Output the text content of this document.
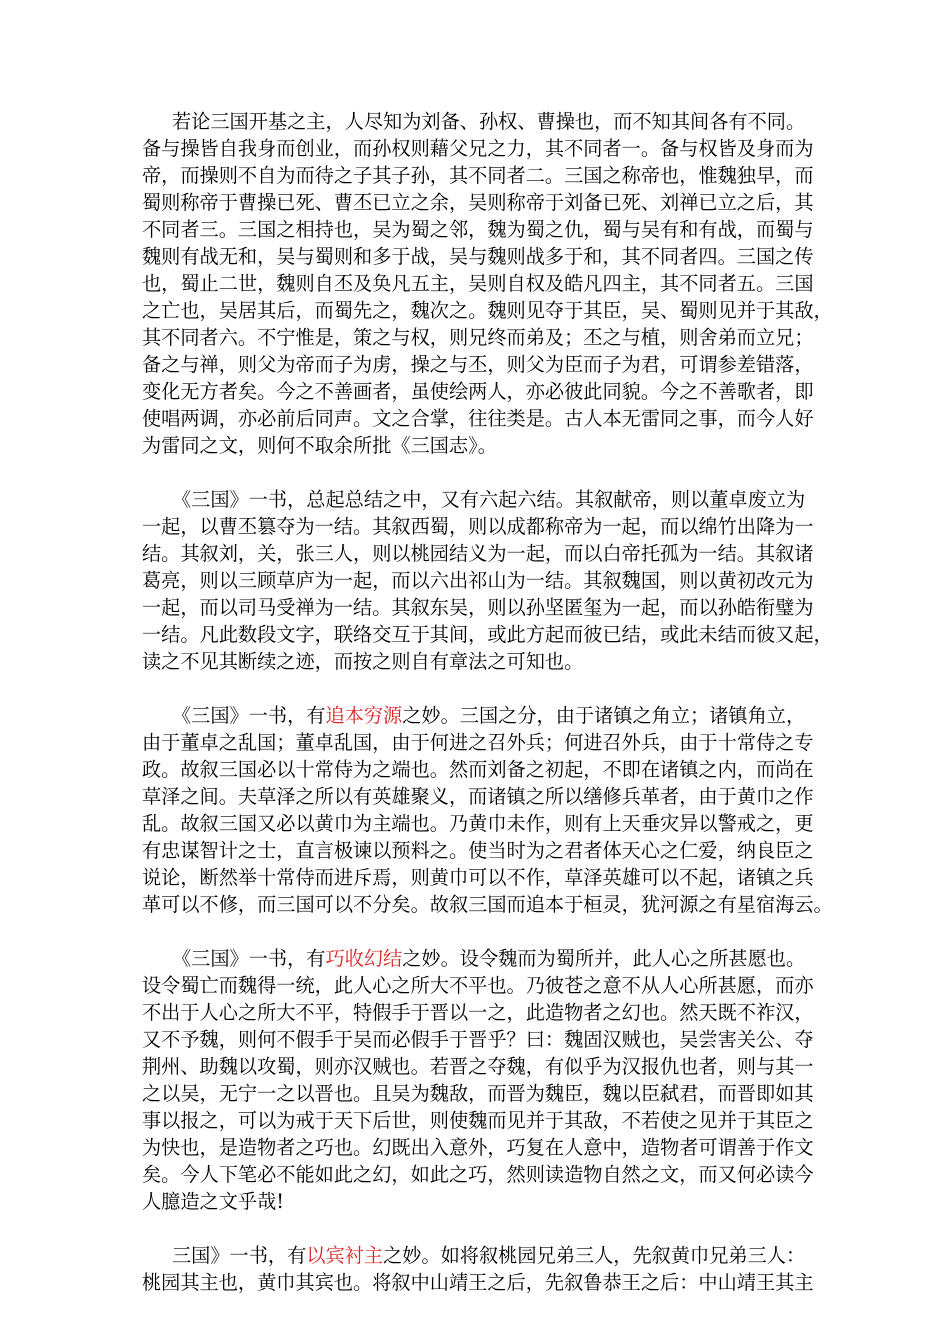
若论三国开基之主，人尽知为刘备、孙权、曹操也，而不知其间各有不同。
备与操皆自我身而创业，而孙权则藉父兄之力，其不同者一。备与权皆及身而为
帝，而操则不自为而待之子其子孙，其不同者二。三国之称帝也，惟魏独早，而
蜀则称帝于曹操已死、曹丕已立之余，吴则称帝于刘备已死、刘禅已立之后，其
不同者三。三国之相持也，吴为蜀之邻，魏为蜀之仇，蜀与吴有和有战，而蜀与
魏则有战无和，吴与蜀则和多于战，吴与魏则战多于和，其不同者四。三国之传
也，蜀止二世，魏则自丕及奂凡五主，吴则自权及皓凡四主，其不同者五。三国
之亡也，吴居其后，而蜀先之，魏次之。魏则见夺于其臣，吴、蜀则见并于其敌，
其不同者六。不宁惟是，策之与权，则兄终而弟及；丕之与植，则舍弟而立兄；
备之与禅，则父为帝而子为虏，操之与丕，则父为臣而子为君，可谓参差错落，
变化无方者矣。今之不善画者，虽使绘两人，亦必彼此同貌。今之不善歌者，即
使唱两调，亦必前后同声。文之合掌，往往类是。古人本无雷同之事，而今人好
为雷同之文，则何不取余所批《三国志》。

《三国》一书，总起总结之中，又有六起六结。其叙献帝，则以董卓废立为
一起，以曹丕篡夺为一结。其叙西蜀，则以成都称帝为一起，而以绵竹出降为一
结。其叙刘，关，张三人，则以桃园结义为一起，而以白帝托孤为一结。其叙诸
葛亮，则以三顾草庐为一起，而以六出祁山为一结。其叙魏国，则以黄初改元为
一起，而以司马受禅为一结。其叙东吴，则以孙坚匿玺为一起，而以孙皓衔璧为
一结。凡此数段文字，联络交互于其间，或此方起而彼已结，或此未结而彼又起，
读之不见其断续之迹，而按之则自有章法之可知也。

《三国》一书，有追本穷源之妙。三国之分，由于诸镇之角立；诸镇角立，
由于董卓之乱国；董卓乱国，由于何进之召外兵；何进召外兵，由于十常侍之专
政。故叙三国必以十常侍为之端也。然而刘备之初起，不即在诸镇之内，而尚在
草泽之间。夫草泽之所以有英雄聚义，而诸镇之所以缮修兵革者，由于黄巾之作
乱。故叙三国又必以黄巾为主端也。乃黄巾未作，则有上天垂灾异以警戒之，更
有忠谋智计之士，直言极谏以预料之。使当时为之君者体天心之仁爱，纳良臣之
说论，断然举十常侍而进斥焉，则黄巾可以不作，草泽英雄可以不起，诸镇之兵
革可以不修，而三国可以不分矣。故叙三国而追本于桓灵，犹河源之有星宿海云。

《三国》一书，有巧收幻结之妙。设令魏而为蜀所并，此人心之所甚愿也。
设令蜀亡而魏得一统，此人心之所大不平也。乃彼苍之意不从人心所甚愿，而亦
不出于人心之所大不平，特假手于晋以一之，此造物者之幻也。然天既不祚汉，
又不予魏，则何不假手于吴而必假手于晋乎？曰：魏固汉贼也，吴尝害关公、夺
荆州、助魏以攻蜀，则亦汉贼也。若晋之夺魏，有似乎为汉报仇也者，则与其一
之以吴，无宁一之以晋也。且吴为魏敌，而晋为魏臣，魏以臣弑君，而晋即如其
事以报之，可以为戒于天下后世，则使魏而见并于其敌，不若使之见并于其臣之
为快也，是造物者之巧也。幻既出入意外，巧复在人意中，造物者可谓善于作文
矣。今人下笔必不能如此之幻，如此之巧，然则读造物自然之文，而又何必读今
人臆造之文乎哉!

三国》一书，有以宾衬主之妙。如将叙桃园兄弟三人，先叙黄巾兄弟三人：
桃园其主也，黄巾其宾也。将叙中山靖王之后，先叙鲁恭王之后：中山靖王其主
